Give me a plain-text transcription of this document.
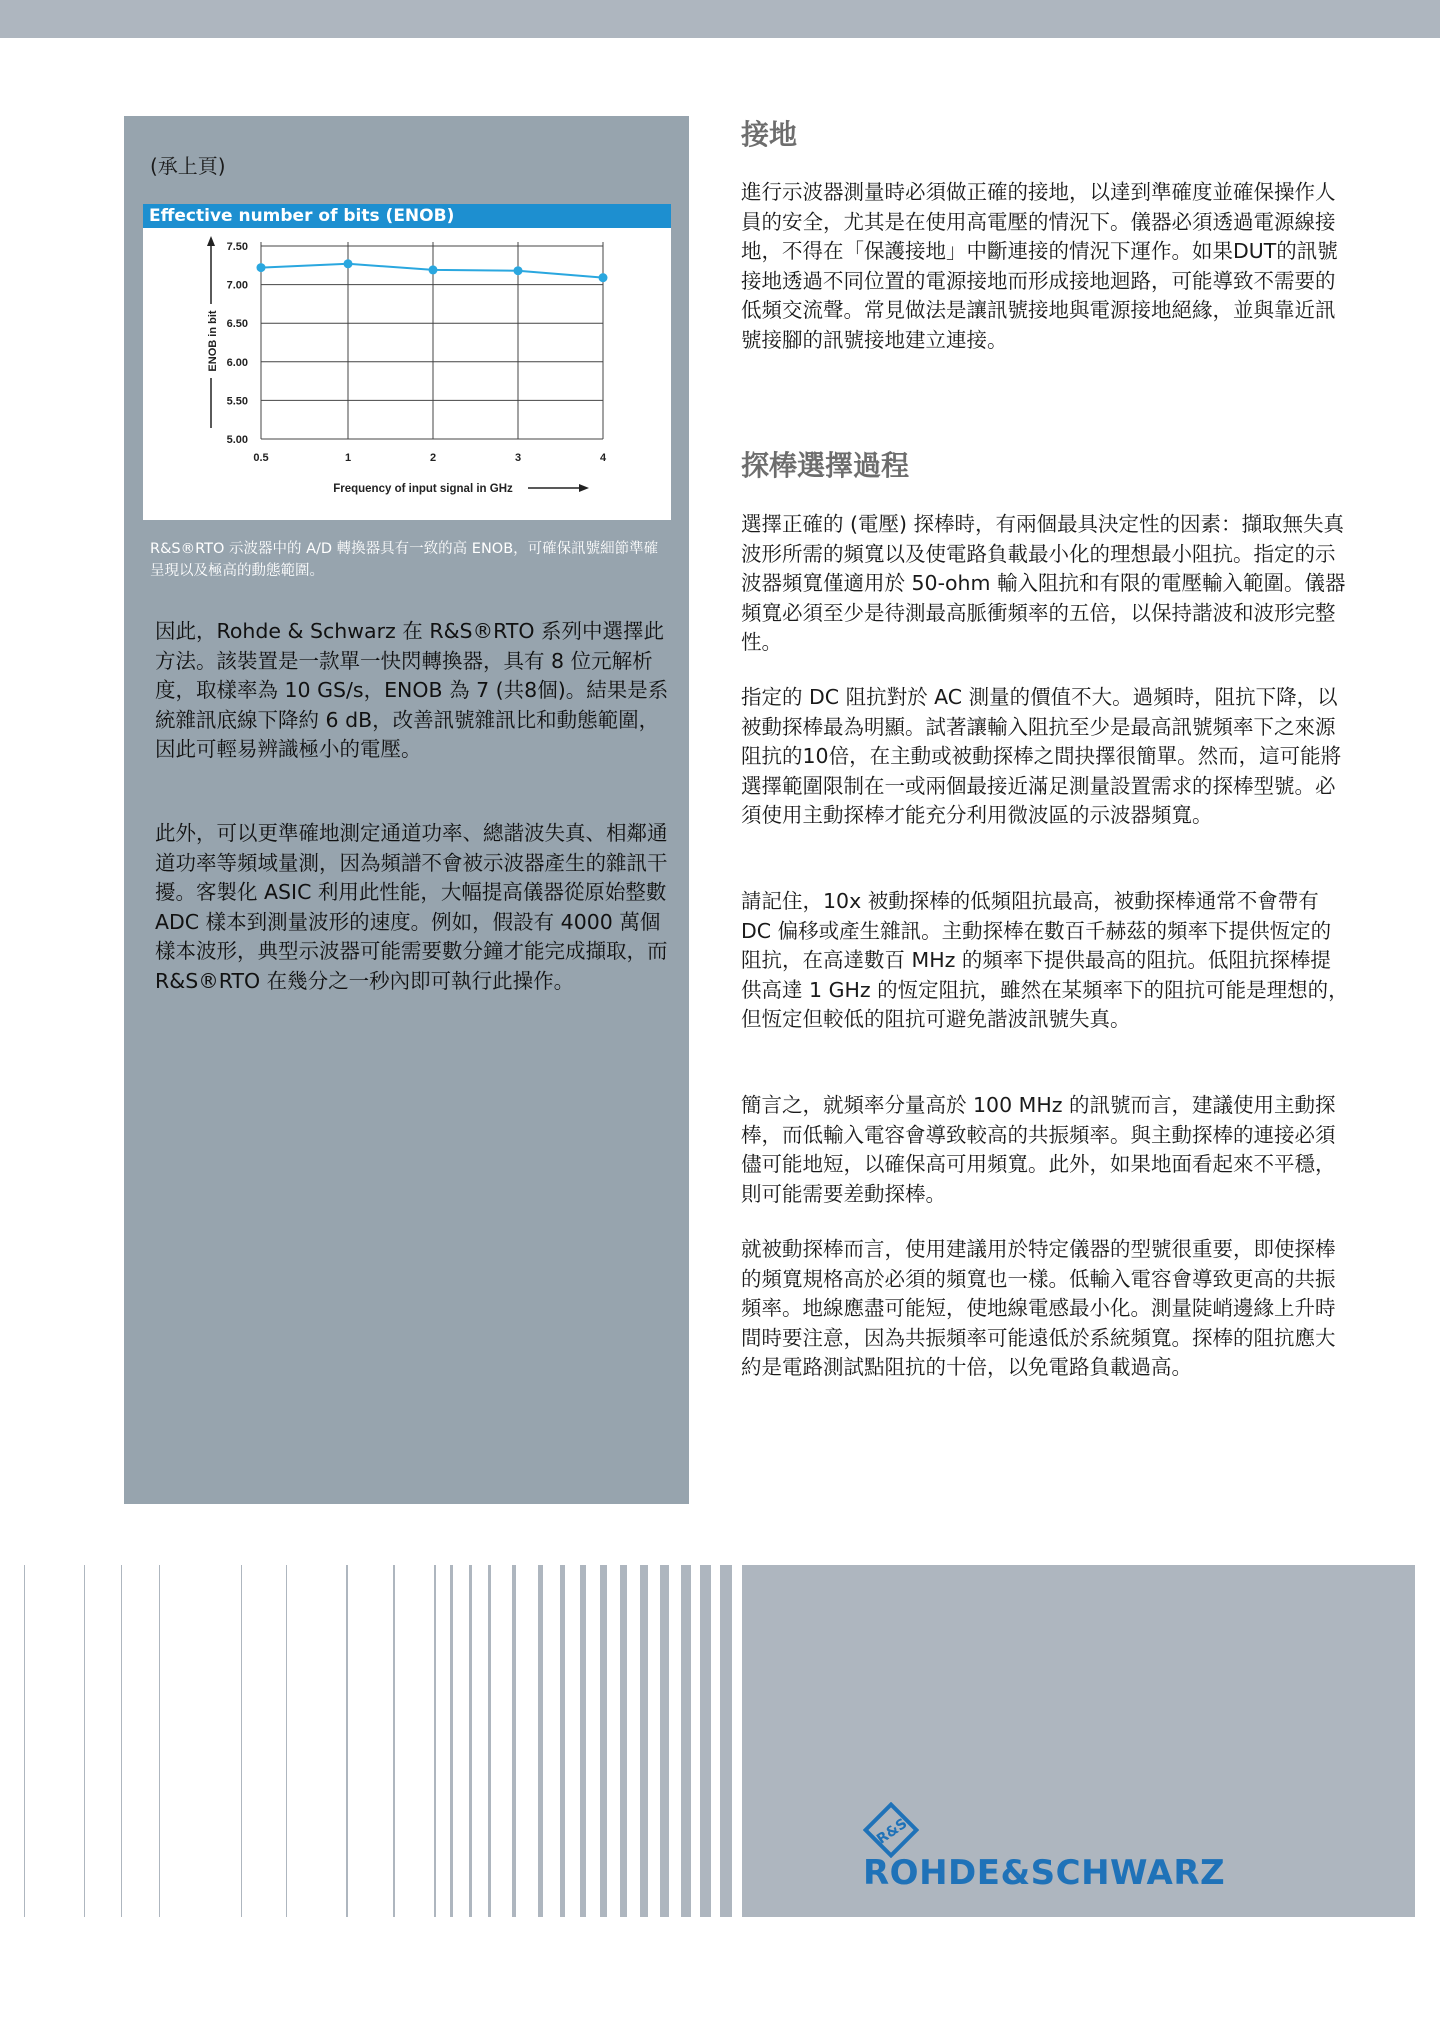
(承上頁)
Effective number of bits (ENOB)
5.00
5.50
6.00
6.50
7.00
7.50
0.5	1	2	3	4
ENOB in bit
Frequency of input signal in GHz
R&S®RTO 示波器中的 A/D 轉換器具有一致的高 ENOB，可確保訊號細節準確呈現以及極高的動態範圍。
因此，Rohde & Schwarz 在 R&S®RTO 系列中選擇此方法。該裝置是一款單一快閃轉換器，具有 8 位元解析度，取樣率為 10 GS/s，ENOB 為 7 (共8個)。結果是系統雜訊底線下降約 6 dB，改善訊號雜訊比和動態範圍，因此可輕易辨識極小的電壓。
此外，可以更準確地測定通道功率、總諧波失真、相鄰通道功率等頻域量測，因為頻譜不會被示波器產生的雜訊干擾。客製化 ASIC 利用此性能，大幅提高儀器從原始整數 ADC 樣本到測量波形的速度。例如，假設有 4000 萬個樣本波形，典型示波器可能需要數分鐘才能完成擷取，而 R&S®RTO 在幾分之一秒內即可執行此操作。
接地
進行示波器測量時必須做正確的接地，以達到準確度並確保操作人員的安全，尤其是在使用高電壓的情況下。儀器必須透過電源線接地，不得在「保護接地」中斷連接的情況下運作。如果DUT的訊號接地透過不同位置的電源接地而形成接地迴路，可能導致不需要的低頻交流聲。常見做法是讓訊號接地與電源接地絕緣，並與靠近訊號接腳的訊號接地建立連接。
探棒選擇過程
選擇正確的 (電壓) 探棒時，有兩個最具決定性的因素：擷取無失真波形所需的頻寬以及使電路負載最小化的理想最小阻抗。指定的示波器頻寬僅適用於 50-ohm 輸入阻抗和有限的電壓輸入範圍。儀器頻寬必須至少是待測最高脈衝頻率的五倍，以保持諧波和波形完整性。
指定的 DC 阻抗對於 AC 測量的價值不大。過頻時，阻抗下降，以被動探棒最為明顯。試著讓輸入阻抗至少是最高訊號頻率下之來源阻抗的10倍，在主動或被動探棒之間抉擇很簡單。然而，這可能將選擇範圍限制在一或兩個最接近滿足測量設置需求的探棒型號。必須使用主動探棒才能充分利用微波區的示波器頻寬。
請記住，10x 被動探棒的低頻阻抗最高，被動探棒通常不會帶有 DC 偏移或產生雜訊。主動探棒在數百千赫茲的頻率下提供恆定的阻抗，在高達數百 MHz 的頻率下提供最高的阻抗。低阻抗探棒提供高達 1 GHz 的恆定阻抗，雖然在某頻率下的阻抗可能是理想的，但恆定但較低的阻抗可避免諧波訊號失真。
簡言之，就頻率分量高於 100 MHz 的訊號而言，建議使用主動探棒，而低輸入電容會導致較高的共振頻率。與主動探棒的連接必須儘可能地短，以確保高可用頻寬。此外，如果地面看起來不平穩，則可能需要差動探棒。
就被動探棒而言，使用建議用於特定儀器的型號很重要，即使探棒的頻寬規格高於必須的頻寬也一樣。低輸入電容會導致更高的共振頻率。地線應盡可能短，使地線電感最小化。測量陡峭邊緣上升時間時要注意，因為共振頻率可能遠低於系統頻寬。探棒的阻抗應大約是電路測試點阻抗的十倍，以免電路負載過高。
R&S
ROHDE&SCHWARZ
